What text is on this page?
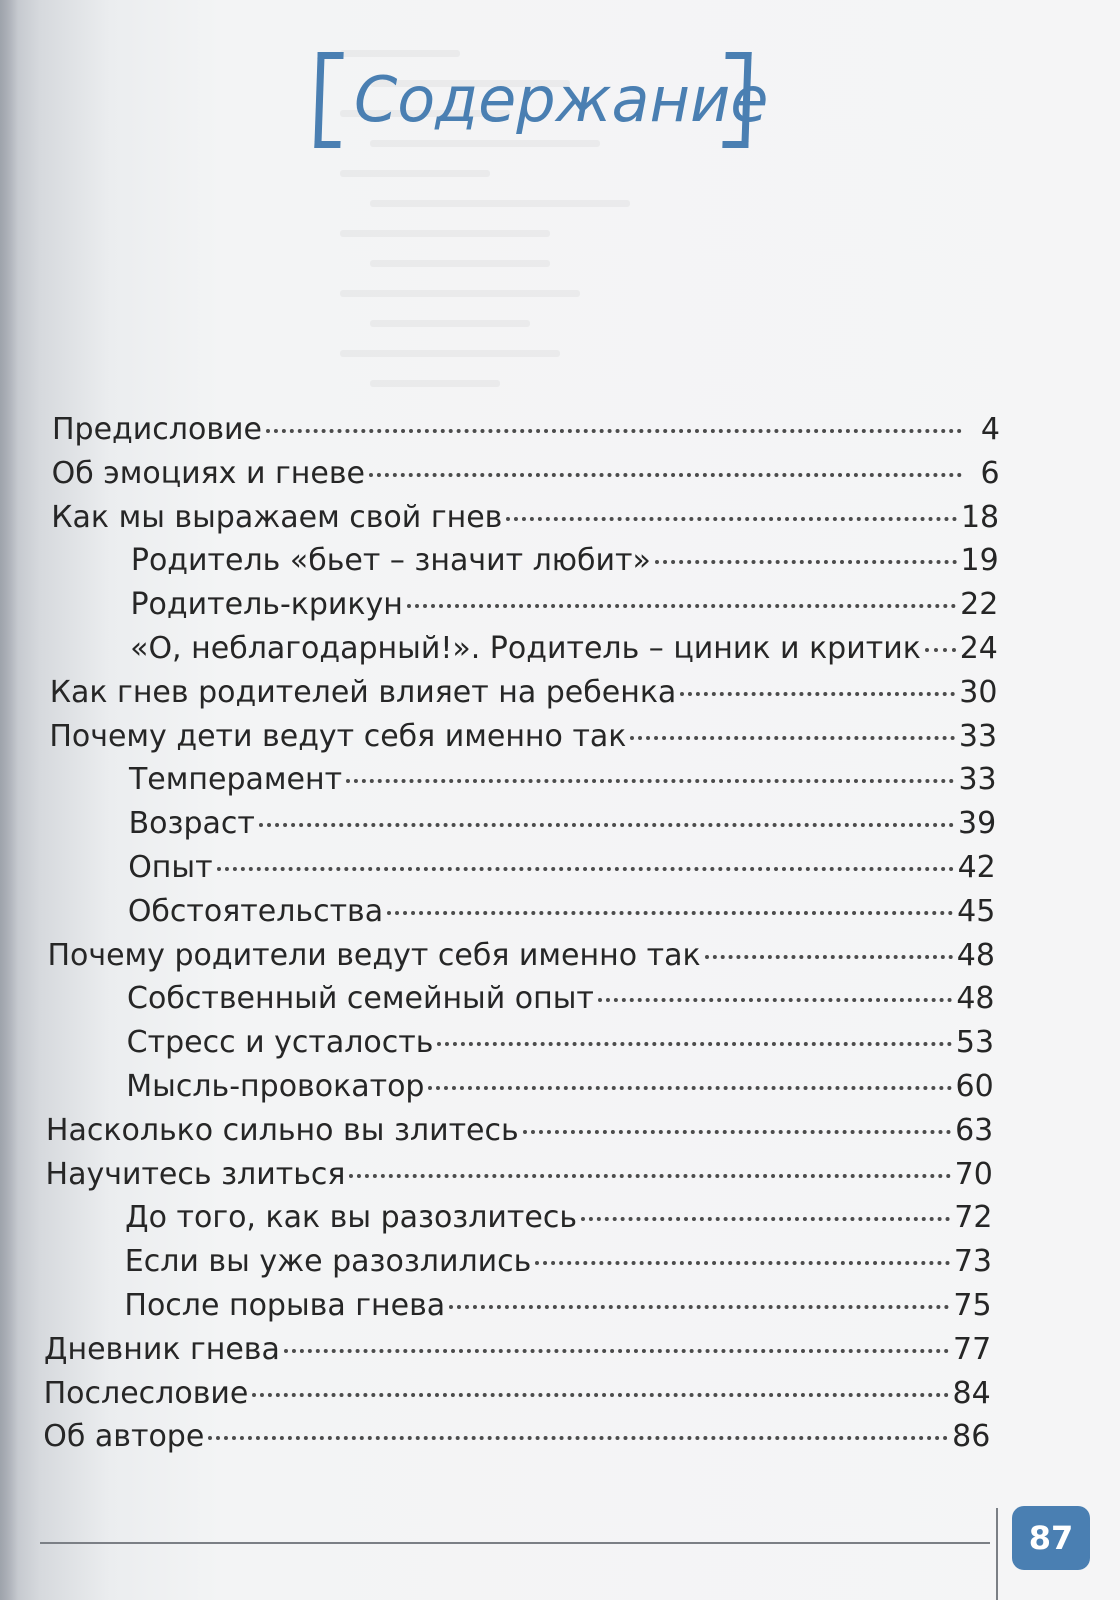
Содержание
Предисловие	4
Об эмоциях и гневе	6
Как мы выражаем свой гнев	18
Родитель «бьет – значит любит»	19
Родитель-крикун	22
«О, неблагодарный!». Родитель – циник и критик 24
Как гнев родителей влияет на ребенка	30
Почему дети ведут себя именно так	33
Темперамент	33
Возраст	39
Опыт	42
Обстоятельства	45
Почему родители ведут себя именно так	48
Собственный семейный опыт	48
Стресс и усталость	53
Мысль-провокатор	60
Насколько сильно вы злитесь	63
Научитесь злиться	70
До того, как вы разозлитесь	72
Если вы уже разозлились	73
После порыва гнева	75
Дневник гнева	77
Послесловие	84
Об авторе	86
87
